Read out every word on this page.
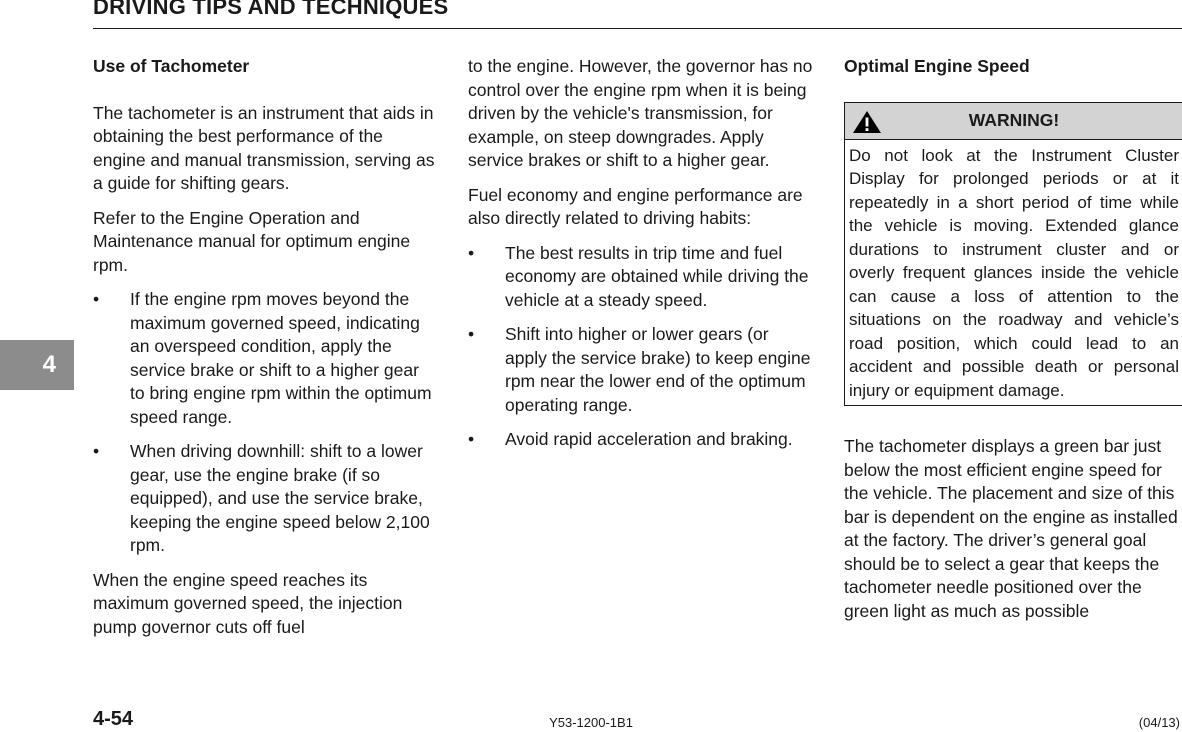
DRIVING TIPS AND TECHNIQUES
4
Use of Tachometer

The tachometer is an instrument that aids in obtaining the best performance of the engine and manual transmission, serving as a guide for shifting gears.

Refer to the Engine Operation and Maintenance manual for optimum engine rpm.

• If the engine rpm moves beyond the maximum governed speed, indicating an overspeed condition, apply the service brake or shift to a higher gear to bring engine rpm within the optimum speed range.
• When driving downhill: shift to a lower gear, use the engine brake (if so equipped), and use the service brake, keeping the engine speed below 2,100 rpm.

When the engine speed reaches its maximum governed speed, the injection pump governor cuts off fuel

to the engine. However, the governor has no control over the engine rpm when it is being driven by the vehicle's transmission, for example, on steep downgrades. Apply service brakes or shift to a higher gear.

Fuel economy and engine performance are also directly related to driving habits:

• The best results in trip time and fuel economy are obtained while driving the vehicle at a steady speed.
• Shift into higher or lower gears (or apply the service brake) to keep engine rpm near the lower end of the optimum operating range.
• Avoid rapid acceleration and braking.
Optimal Engine Speed
WARNING!
Do not look at the Instrument Cluster Display for prolonged periods or at it repeatedly in a short period of time while the vehicle is moving. Extended glance durations to instrument cluster and or overly frequent glances inside the vehicle can cause a loss of attention to the situations on the roadway and vehicle’s road position, which could lead to an accident and possible death or personal injury or equipment damage.

The tachometer displays a green bar just below the most efficient engine speed for the vehicle. The placement and size of this bar is dependent on the engine as installed at the factory. The driver’s general goal should be to select a gear that keeps the tachometer needle positioned over the green light as much as possible

4-54	Y53-1200-1B1	(04/13)
